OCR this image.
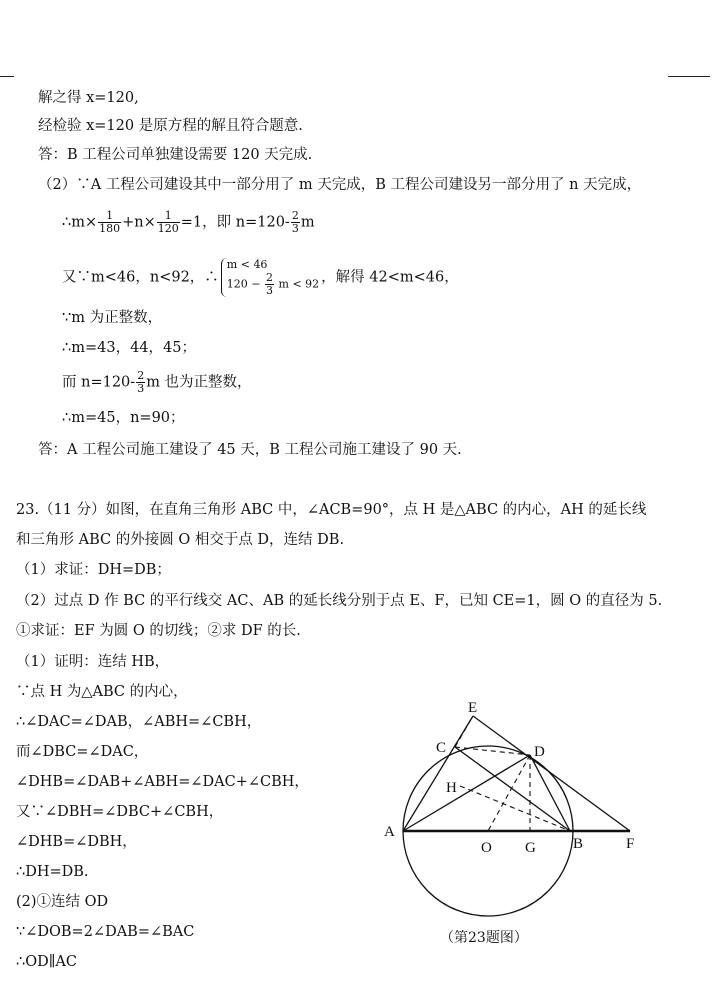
解之得 x=120,
经检验 x=120 是原方程的解且符合题意.
答：B 工程公司单独建设需要 120 天完成.
（2）∵A 工程公司建设其中一部分用了 m 天完成，B 工程公司建设另一部分用了 n 天完成，
∴m× $\frac{1}{180} +n\times \frac{1}{120} =1$，即 $n=120- \frac{2}{3}$ m
又∵m<46，n<92，∴
m < 46
$120 - \frac{2}{3}$ m < 92 ，解得 42<m<46，
∵m 为正整数，
∴m=43，44，45；
而 $n=120- \frac{2}{3}$ m 也为正整数，
∴m=45，n=90；
答：A 工程公司施工建设了 45 天，B 工程公司施工建设了 90 天.
23.（11 分）如图，在直角三角形 ABC 中，∠ACB=90°，点 H 是△ABC 的内心，AH 的延长线
和三角形 ABC 的外接圆 O 相交于点 D，连结 DB.
（1）求证：DH=DB；
（2）过点 D 作 BC 的平行线交 AC、AB 的延长线分别于点 E、F，已知 CE=1，圆 O 的直径为 5.
①求证：EF 为圆 O 的切线；②求 DF 的长.
（1）证明：连结 HB，
∵点 H 为△ABC 的内心，
∴∠DAC=∠DAB，∠ABH=∠CBH，
而∠DBC=∠DAC，
∠DHB=∠DAB+∠ABH=∠DAC+∠CBH，
又∵∠DBH=∠DBC+∠CBH，
∠DHB=∠DBH，
∴DH=DB.
(2)①连结 OD
∵∠DOB=2∠DAB=∠BAC
∴OD∥AC
E
C	D
H
A
O G B	F
（第23题图）
